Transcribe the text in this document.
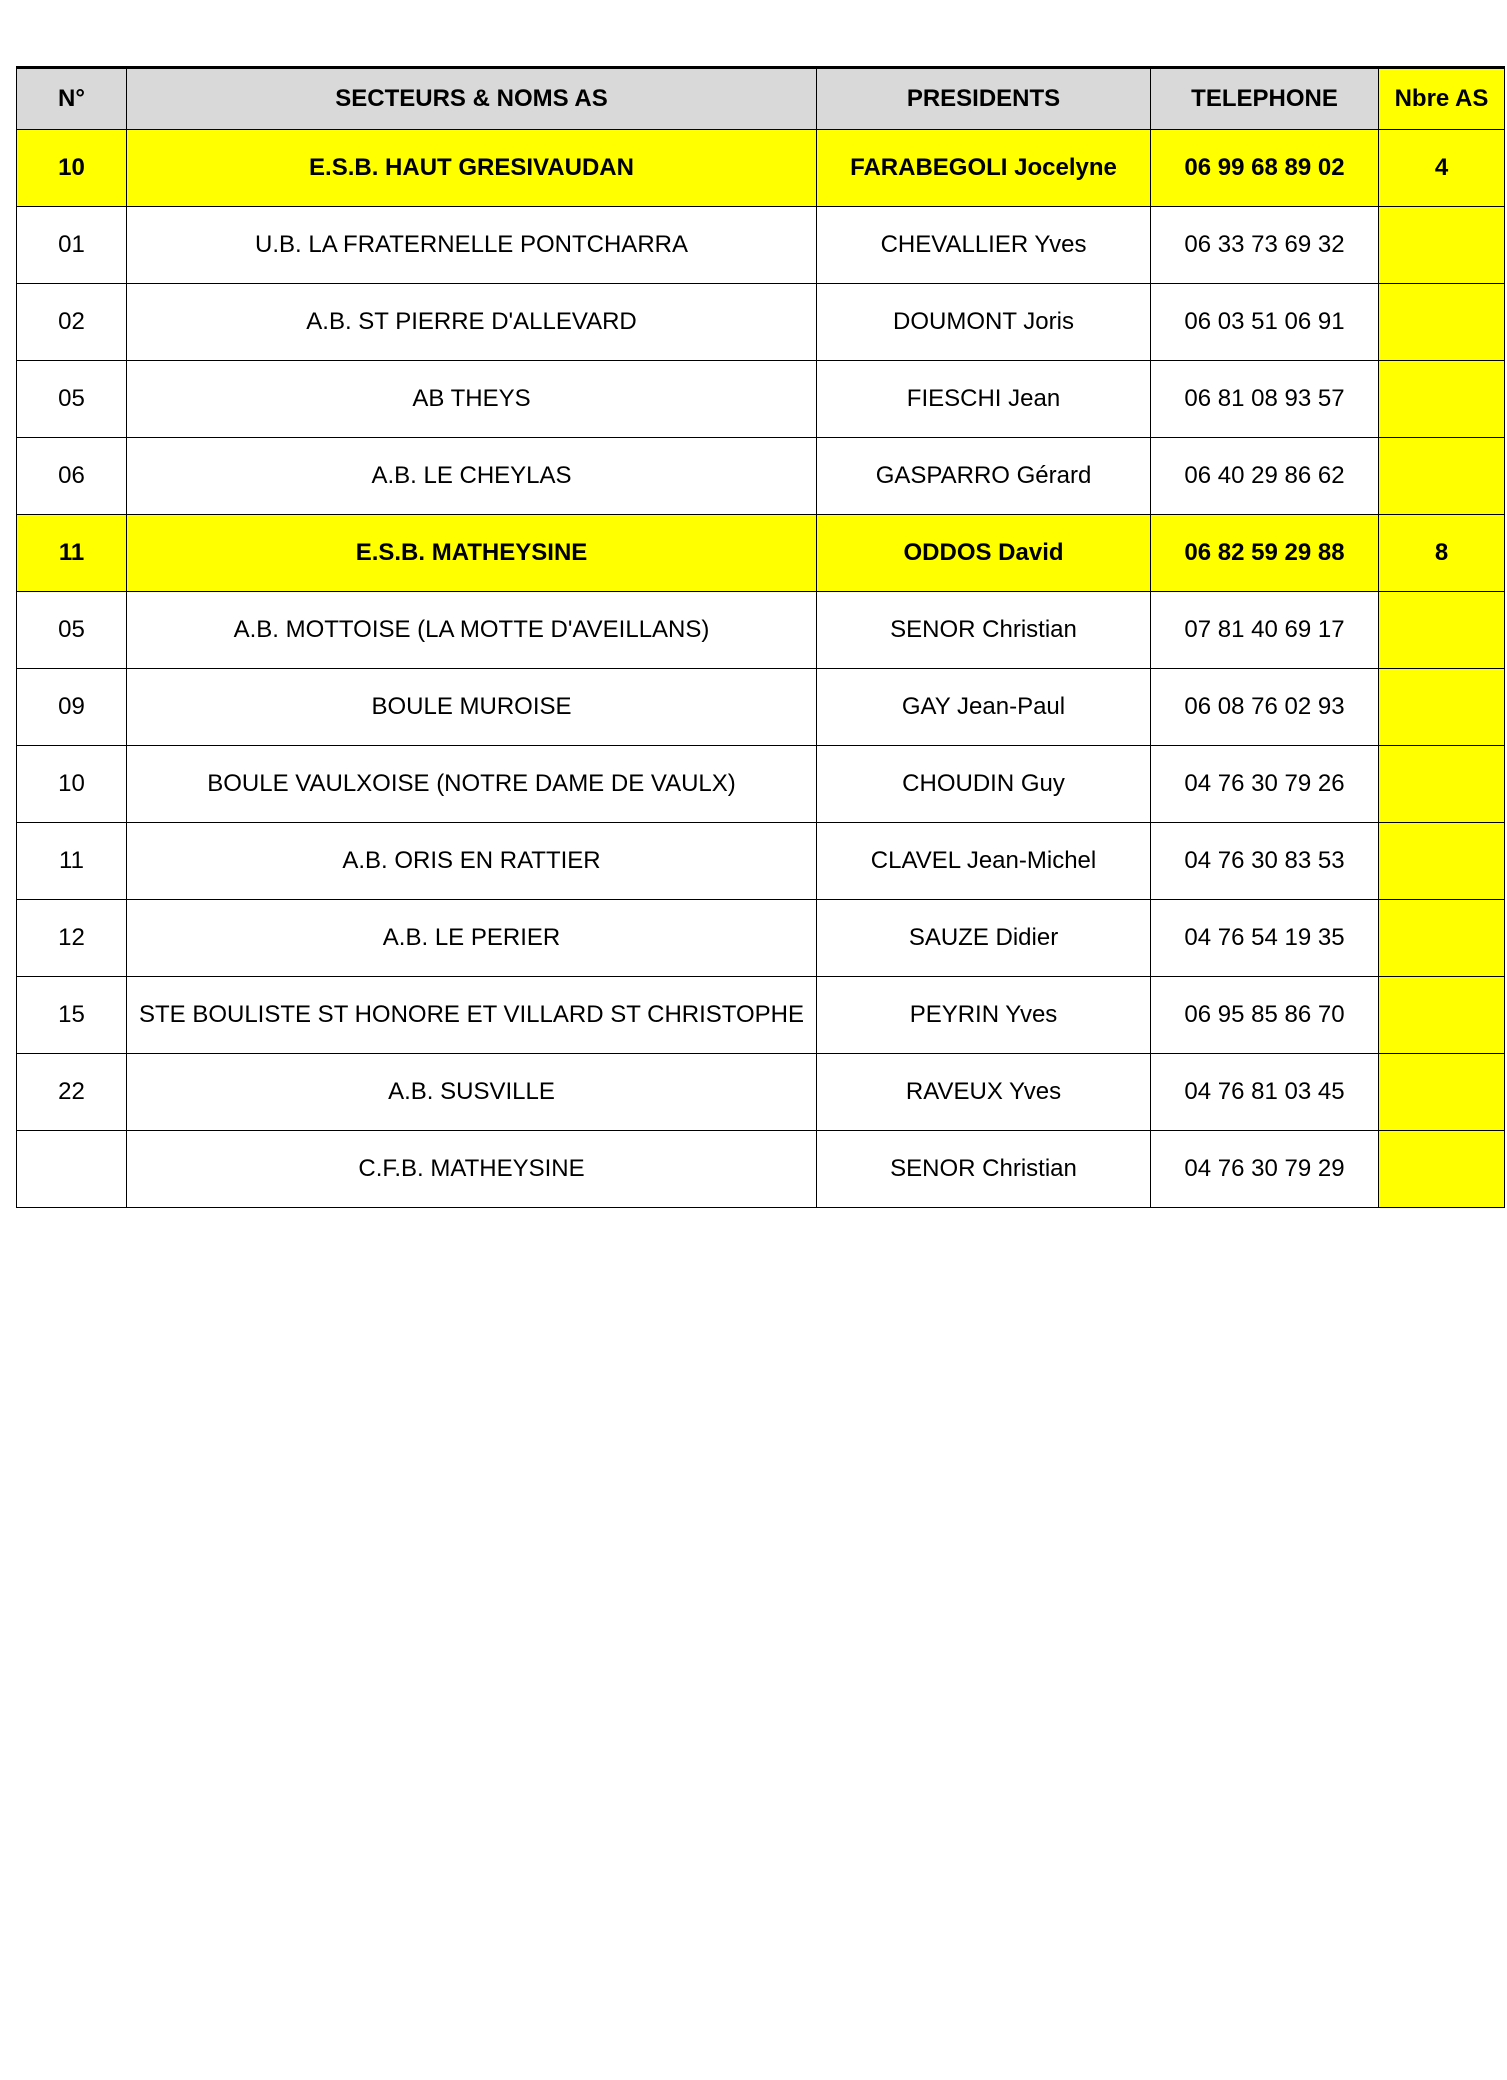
N°	SECTEURS & NOMS AS	PRESIDENTS	TELEPHONE	Nbre AS
10	E.S.B. HAUT GRESIVAUDAN	FARABEGOLI Jocelyne	06 99 68 89 02	4
01	U.B. LA FRATERNELLE PONTCHARRA	CHEVALLIER Yves	06 33 73 69 32	
02	A.B. ST PIERRE D'ALLEVARD	DOUMONT Joris	06 03 51 06 91	
05	AB THEYS	FIESCHI Jean	06 81 08 93 57	
06	A.B. LE CHEYLAS	GASPARRO Gérard	06 40 29 86 62	
11	E.S.B. MATHEYSINE	ODDOS David	06 82 59 29 88	8
05	A.B. MOTTOISE (LA MOTTE D'AVEILLANS)	SENOR Christian	07 81 40 69 17	
09	BOULE MUROISE	GAY Jean-Paul	06 08 76 02 93	
10	BOULE VAULXOISE (NOTRE DAME DE VAULX)	CHOUDIN Guy	04 76 30 79 26	
11	A.B. ORIS EN RATTIER	CLAVEL Jean-Michel	04 76 30 83 53	
12	A.B. LE PERIER	SAUZE Didier	04 76 54 19 35	
15	STE BOULISTE ST HONORE ET VILLARD ST CHRISTOPHE	PEYRIN Yves	06 95 85 86 70	
22	A.B. SUSVILLE	RAVEUX Yves	04 76 81 03 45	
	C.F.B. MATHEYSINE	SENOR Christian	04 76 30 79 29	
